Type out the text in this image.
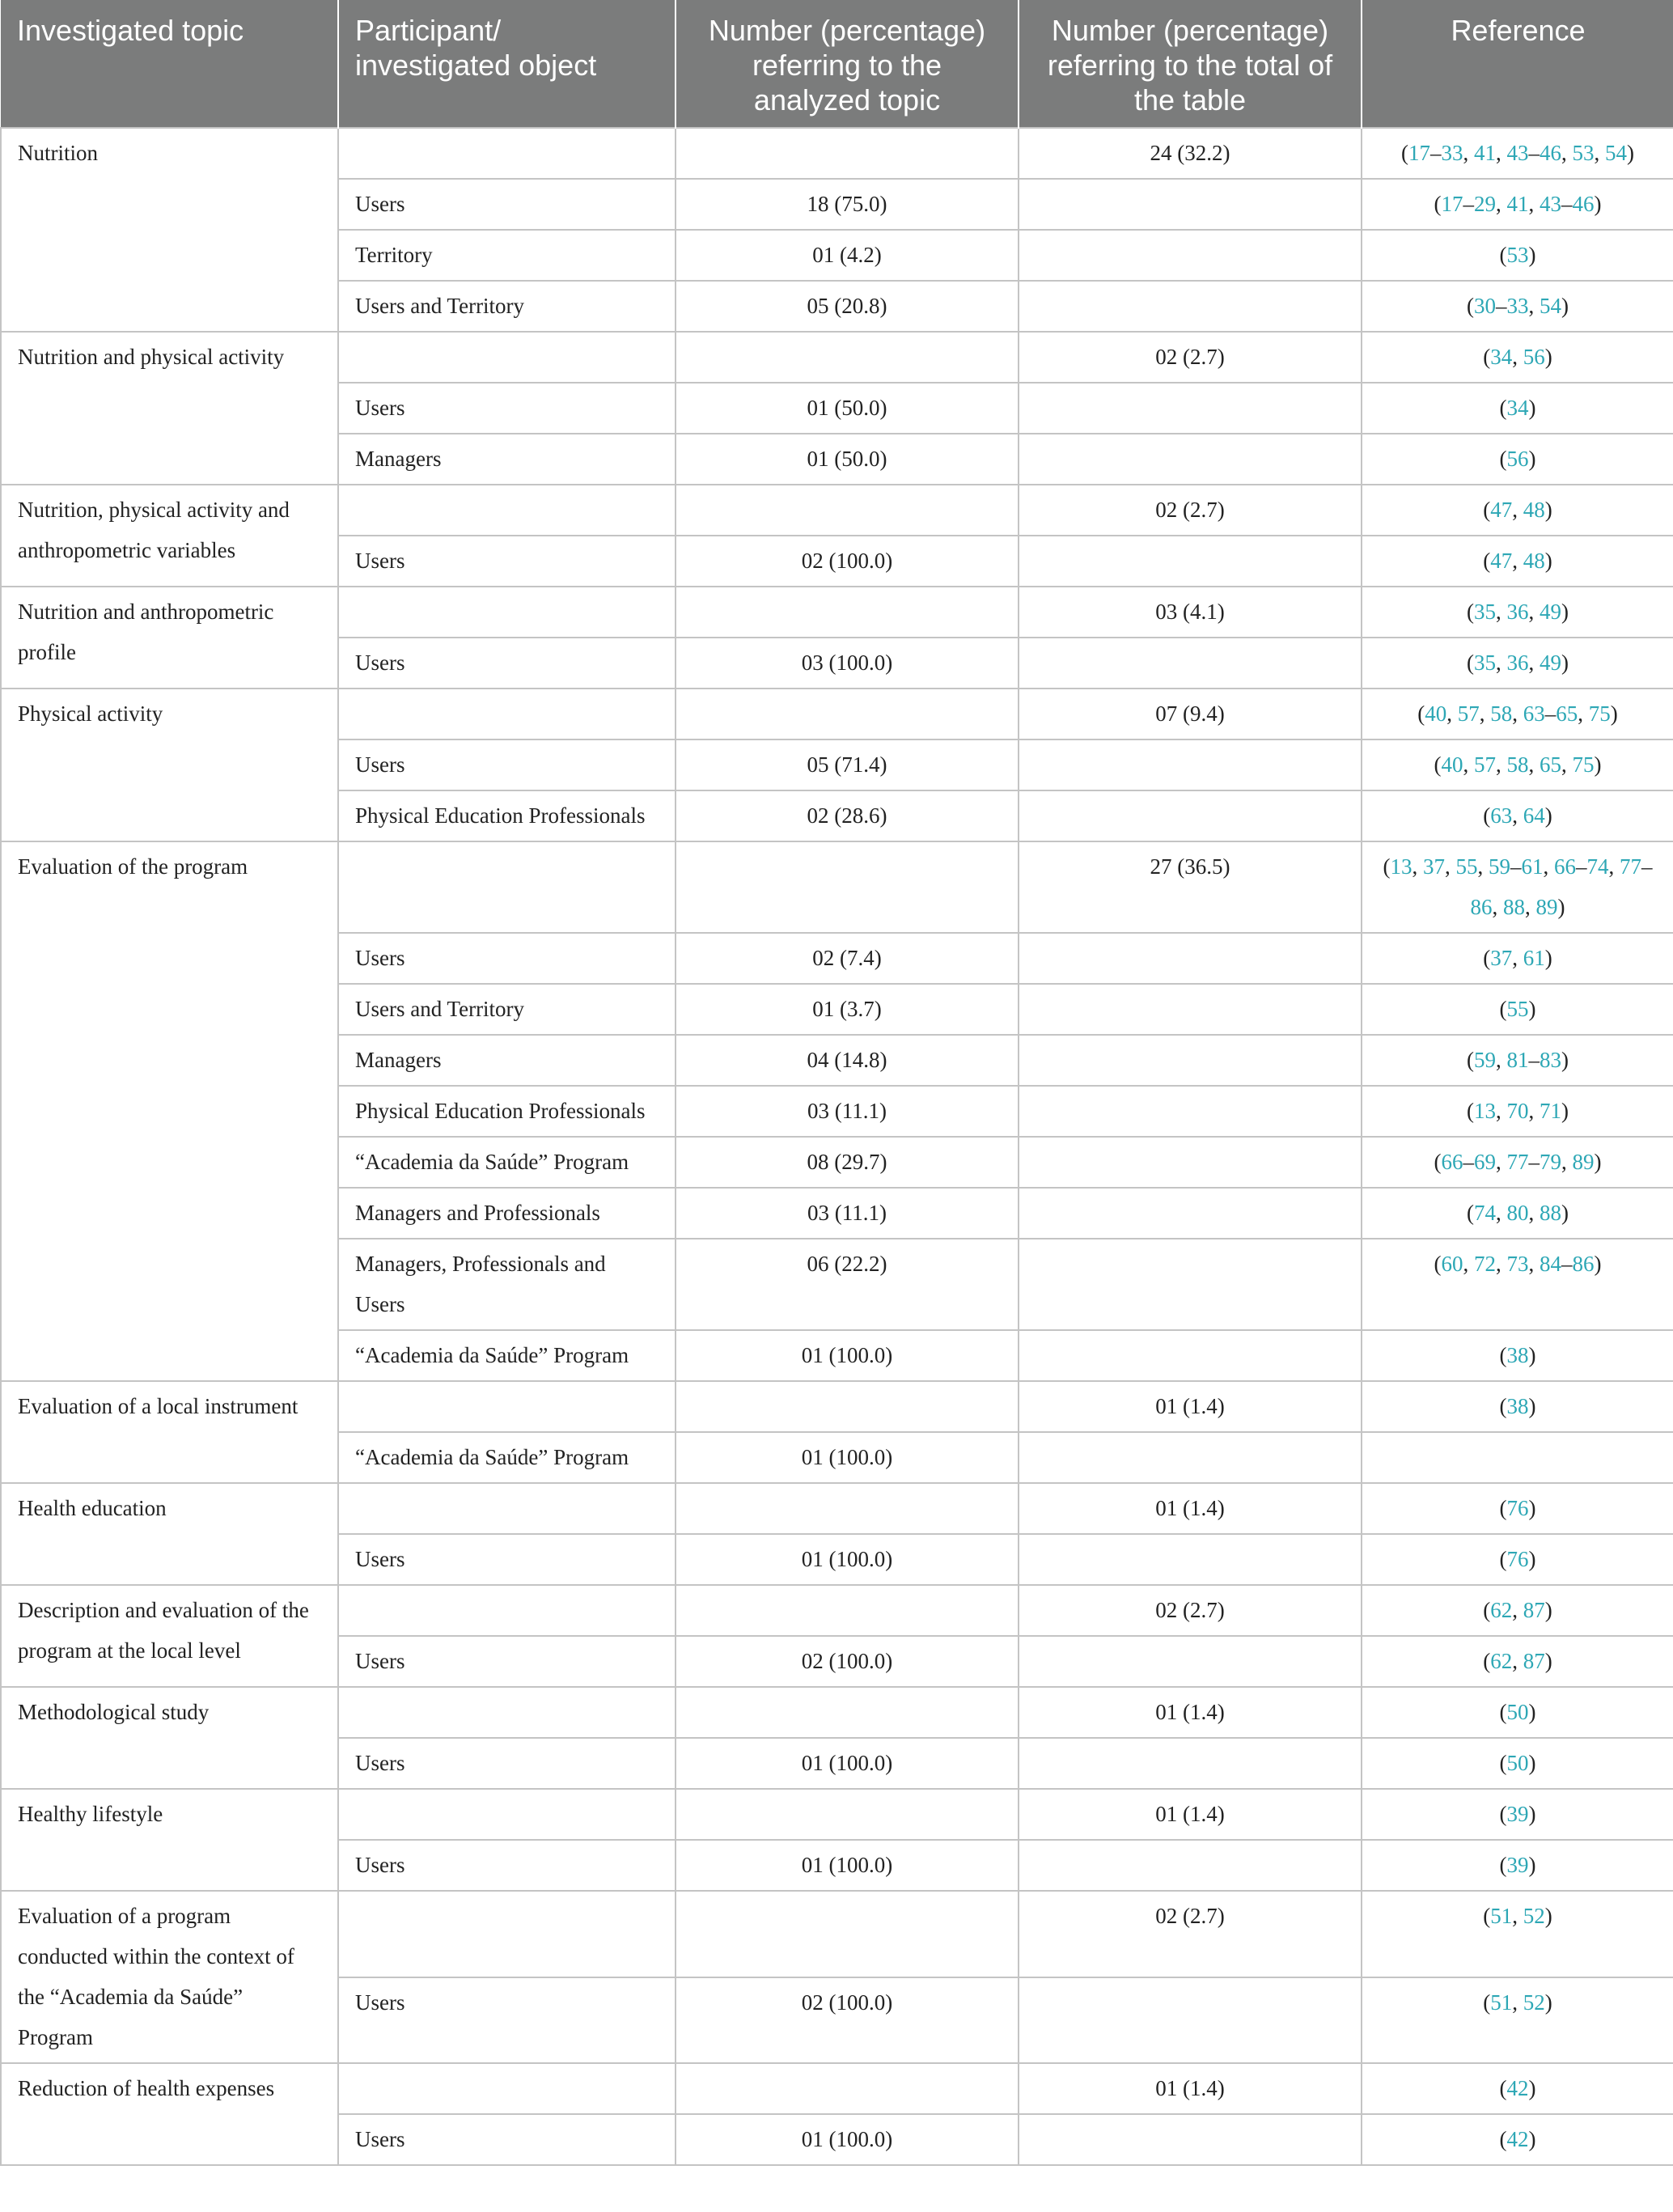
Investigated topic	Participant/ investigated object	Number (percentage) referring to the analyzed topic	Number (percentage) referring to the total of the table	Reference
Nutrition			24 (32.2)	(17–33, 41, 43–46, 53, 54)
	Users	18 (75.0)		(17–29, 41, 43–46)
	Territory	01 (4.2)		(53)
	Users and Territory	05 (20.8)		(30–33, 54)
Nutrition and physical activity			02 (2.7)	(34, 56)
	Users	01 (50.0)		(34)
	Managers	01 (50.0)		(56)
Nutrition, physical activity and anthropometric variables			02 (2.7)	(47, 48)
	Users	02 (100.0)		(47, 48)
Nutrition and anthropometric profile			03 (4.1)	(35, 36, 49)
	Users	03 (100.0)		(35, 36, 49)
Physical activity			07 (9.4)	(40, 57, 58, 63–65, 75)
	Users	05 (71.4)		(40, 57, 58, 65, 75)
	Physical Education Professionals	02 (28.6)		(63, 64)
Evaluation of the program			27 (36.5)	(13, 37, 55, 59–61, 66–74, 77–86, 88, 89)
	Users	02 (7.4)		(37, 61)
	Users and Territory	01 (3.7)		(55)
	Managers	04 (14.8)		(59, 81–83)
	Physical Education Professionals	03 (11.1)		(13, 70, 71)
	“Academia da Saúde” Program	08 (29.7)		(66–69, 77–79, 89)
	Managers and Professionals	03 (11.1)		(74, 80, 88)
	Managers, Professionals and Users	06 (22.2)		(60, 72, 73, 84–86)
	“Academia da Saúde” Program	01 (100.0)		(38)
Evaluation of a local instrument			01 (1.4)	(38)
	“Academia da Saúde” Program	01 (100.0)		
Health education			01 (1.4)	(76)
	Users	01 (100.0)		(76)
Description and evaluation of the program at the local level			02 (2.7)	(62, 87)
	Users	02 (100.0)		(62, 87)
Methodological study			01 (1.4)	(50)
	Users	01 (100.0)		(50)
Healthy lifestyle			01 (1.4)	(39)
	Users	01 (100.0)		(39)
Evaluation of a program conducted within the context of the “Academia da Saúde” Program			02 (2.7)	(51, 52)
	Users	02 (100.0)		(51, 52)
Reduction of health expenses			01 (1.4)	(42)
	Users	01 (100.0)		(42)
